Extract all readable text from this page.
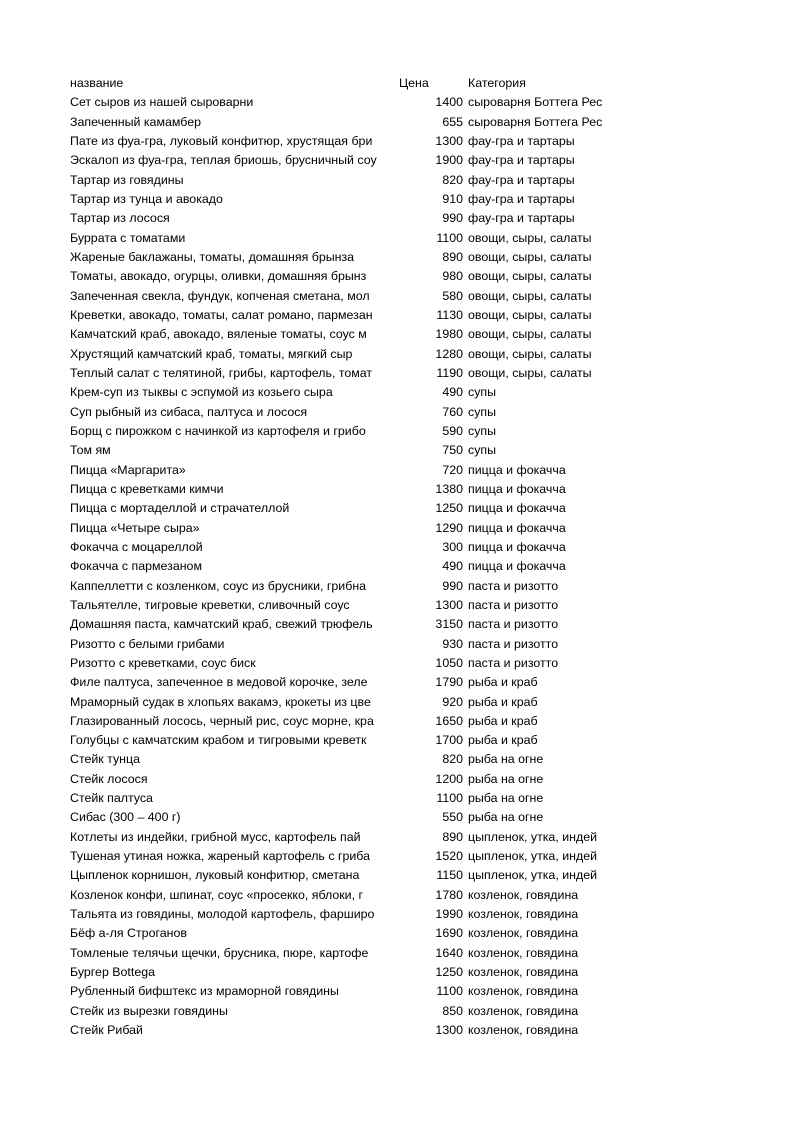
название	Цена	Категория
Сет сыров из нашей сыроварни	1400 сыроварня Боттега Рес
Запеченный камамбер	655 сыроварня Боттега Рес
Пате из фуа-гра, луковый конфитюр, хрустящая бри	1300 фау-гра и тартары
Эскалоп из фуа-гра, теплая бриошь, брусничный соу	1900 фау-гра и тартары
Тартар из говядины	820 фау-гра и тартары
Тартар из тунца и авокадо	910 фау-гра и тартары
Тартар из лосося	990 фау-гра и тартары
Буррата с томатами	1100 овощи, сыры, салаты
Жареные баклажаны, томаты, домашняя брынза	890 овощи, сыры, салаты
Томаты, авокадо, огурцы, оливки, домашняя брынз	980 овощи, сыры, салаты
Запеченная свекла, фундук, копченая сметана, мол	580 овощи, сыры, салаты
Креветки, авокадо, томаты, салат романо, пармезан	1130 овощи, сыры, салаты
Камчатский краб, авокадо, вяленые томаты, соус м	1980 овощи, сыры, салаты
Хрустящий камчатский краб, томаты, мягкий сыр	1280 овощи, сыры, салаты
Теплый салат с телятиной, грибы, картофель, томат	1190 овощи, сыры, салаты
Крем-суп из тыквы с эспумой из козьего сыра	490 супы
Суп рыбный из сибаса, палтуса и лосося	760 супы
Борщ с пирожком с начинкой из картофеля и грибо	590 супы
Том ям	750 супы
Пицца «Маргарита»	720 пицца и фокачча
Пицца с креветками кимчи	1380 пицца и фокачча
Пицца с мортаделлой и страчателлой	1250 пицца и фокачча
Пицца «Четыре сыра»	1290 пицца и фокачча
Фокачча с моцареллой	300 пицца и фокачча
Фокачча с пармезаном	490 пицца и фокачча
Каппеллетти с козленком, соус из брусники, грибна	990 паста и ризотто
Тальятелле, тигровые креветки, сливочный соус	1300 паста и ризотто
Домашняя паста, камчатский краб, свежий трюфель	3150 паста и ризотто
Ризотто с белыми грибами	930 паста и ризотто
Ризотто с креветками, соус биск	1050 паста и ризотто
Филе палтуса, запеченное в медовой корочке, зеле	1790 рыба и краб
Мраморный судак в хлопьях вакамэ, крокеты из цве	920 рыба и краб
Глазированный лосось, черный рис, соус морне, кра	1650 рыба и краб
Голубцы с камчатским крабом и тигровыми креветк	1700 рыба и краб
Стейк тунца	820 рыба на огне
Стейк лосося	1200 рыба на огне
Стейк палтуса	1100 рыба на огне
Сибас (300 – 400 г)	550 рыба на огне
Котлеты из индейки, грибной мусс, картофель пай	890 цыпленок, утка, индей
Тушеная утиная ножка, жареный картофель с гриба	1520 цыпленок, утка, индей
Цыпленок корнишон, луковый конфитюр, сметана	1150 цыпленок, утка, индей
Козленок конфи, шпинат, соус «просекко, яблоки, г	1780 козленок, говядина
Тальята из говядины, молодой картофель, фарширо	1990 козленок, говядина
Бёф а-ля Строганов	1690 козленок, говядина
Томленые телячьи щечки, брусника, пюре, картофе	1640 козленок, говядина
Бургер Bottega	1250 козленок, говядина
Рубленный бифштекс из мраморной говядины	1100 козленок, говядина
Стейк из вырезки говядины	850 козленок, говядина
Стейк Рибай	1300 козленок, говядина
